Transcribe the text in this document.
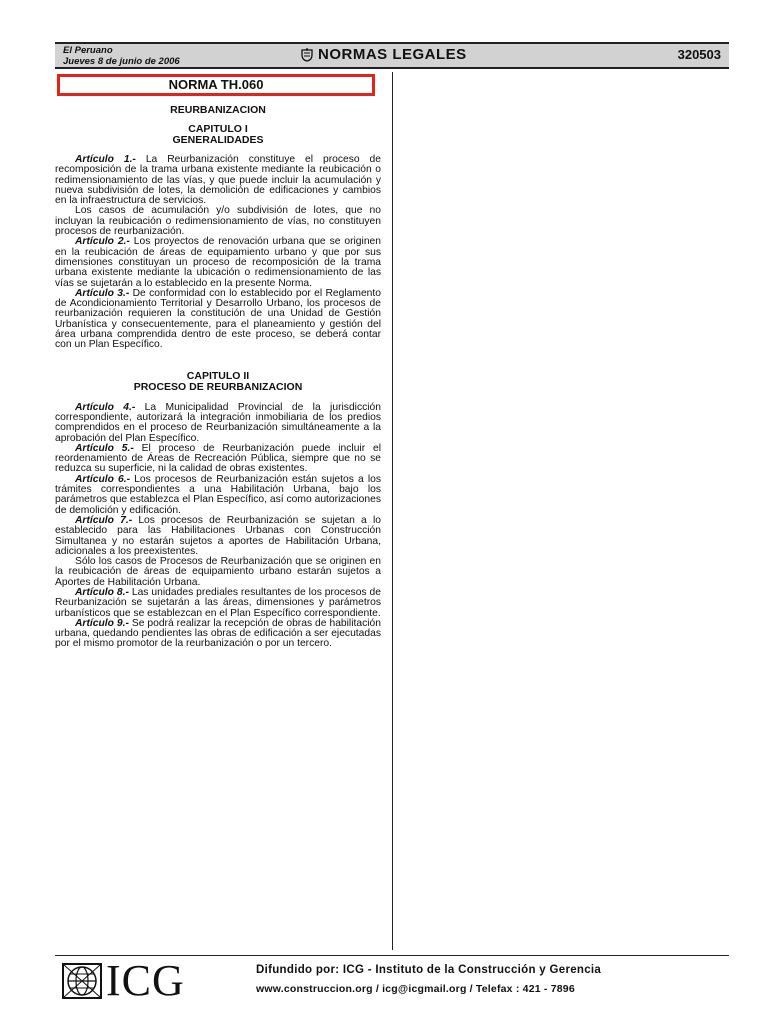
El Peruano
Jueves 8 de junio de 2006	NORMAS LEGALES	320503
NORMA TH.060
REURBANIZACION
CAPITULO I
GENERALIDADES

Artículo 1.- La Reurbanización constituye el proceso de recomposición de la trama urbana existente mediante la reubicación o redimensionamiento de las vías, y que puede incluir la acumulación y nueva subdivisión de lotes, la demolición de edificaciones y cambios en la infraestructura de servicios.

Los casos de acumulación y/o subdivisión de lotes, que no incluyan la reubicación o redimensionamiento de vías, no constituyen procesos de reurbanización.

Artículo 2.- Los proyectos de renovación urbana que se originen en la reubicación de áreas de equipamiento urbano y que por sus dimensiones constituyan un proceso de recomposición de la trama urbana existente mediante la ubicación o redimensionamiento de las vías se sujetarán a lo establecido en la presente Norma.

Artículo 3.- De conformidad con lo establecido por el Reglamento de Acondicionamiento Territorial y Desarrollo Urbano, los procesos de reurbanización requieren la constitución de una Unidad de Gestión Urbanística y consecuentemente, para el planeamiento y gestión del área urbana comprendida dentro de este proceso, se deberá contar con un Plan Específico.

CAPITULO II
PROCESO DE REURBANIZACION

Artículo 4.- La Municipalidad Provincial de la jurisdicción correspondiente, autorizará la integración inmobiliaria de los predios comprendidos en el proceso de Reurbanización simultáneamente a la aprobación del Plan Específico.

Artículo 5.- El proceso de Reurbanización puede incluir el reordenamiento de Áreas de Recreación Pública, siempre que no se reduzca su superficie, ni la calidad de obras existentes.

Artículo 6.- Los procesos de Reurbanización están sujetos a los trámites correspondientes a una Habilitación Urbana, bajo los parámetros que establezca el Plan Específico, así como autorizaciones de demolición y edificación.

Artículo 7.- Los procesos de Reurbanización se sujetan a lo establecido para las Habilitaciones Urbanas con Construcción Simultanea y no estarán sujetos a aportes de Habilitación Urbana, adicionales a los preexistentes.

Sólo los casos de Procesos de Reurbanización que se originen en la reubicación de áreas de equipamiento urbano estarán sujetos a Aportes de Habilitación Urbana.

Artículo 8.- Las unidades prediales resultantes de los procesos de Reurbanización se sujetarán a las áreas, dimensiones y parámetros urbanísticos que se establezcan en el Plan Específico correspondiente.

Artículo 9.- Se podrá realizar la recepción de obras de habilitación urbana, quedando pendientes las obras de edificación a ser ejecutadas por el mismo promotor de la reurbanización o por un tercero.

ICG	Difundido por: ICG - Instituto de la Construcción y Gerencia
www.construccion.org / icg@icgmail.org / Telefax : 421 - 7896
